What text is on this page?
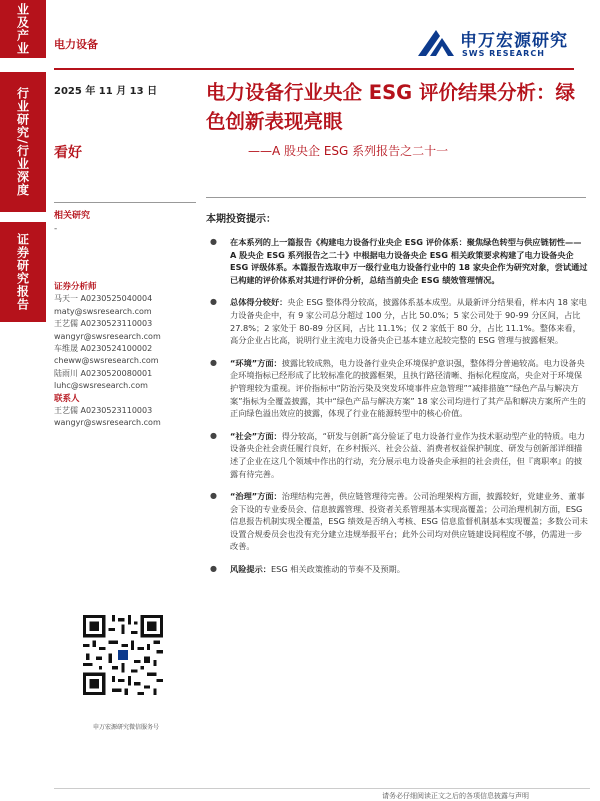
业及产业
行业研究/行业深度
证券研究报告
电力设备	申万宏源研究
SWS RESEARCH
2025 年 11 月 13 日
看好
相关研究
-
证券分析师
马天一 A0230525040004
maty@swsresearch.com
王艺儒 A0230523110003
wangyr@swsresearch.com
车维晟 A0230524100002
cheww@swsresearch.com
陆雨川 A0230520080001
luhc@swsresearch.com
联系人
王艺儒 A0230523110003
wangyr@swsresearch.com
申万宏源研究微信服务号
电力设备行业央企 ESG 评价结果分析：绿色创新表现亮眼
——A 股央企 ESG 系列报告之二十一
本期投资提示：
● 在本系列的上一篇报告《构建电力设备行业央企 ESG 评价体系：聚焦绿色转型与供应链韧性—— A 股央企 ESG 系列报告之二十》中根据电力设备央企 ESG 相关政策要求构建了电力设备央企 ESG 评级体系。本篇报告选取申万一级行业电力设备行业中的 18 家央企作为研究对象，尝试通过已构建的评价体系对其进行评价分析，总结当前央企 ESG 绩效管理情况。
● 总体得分较好：央企 ESG 整体得分较高，披露体系基本成型。从最新评分结果看，样本内 18 家电力设备央企中，有 9 家公司总分超过 100 分，占比 50.0%；5 家公司处于 90-99 分区间，占比 27.8%；2 家处于 80-89 分区间，占比 11.1%；仅 2 家低于 80 分，占比 11.1%。整体来看，高分企业占比高，说明行业主流电力设备央企已基本建立起较完整的 ESG 管理与披露框架。
● “环境”方面：披露比较成熟，电力设备行业央企环境保护意识强，整体得分普遍较高。电力设备央企环境指标已经形成了比较标准化的披露框架，且执行路径清晰、指标化程度高，央企对于环境保护管理较为重视。评价指标中“防治污染及突发环境事件应急管理”“减排措施”“绿色产品与解决方案”指标为全覆盖披露，其中“绿色产品与解决方案” 18 家公司均进行了其产品和解决方案所产生的正向绿色溢出效应的披露，体现了行业在能源转型中的核心价值。
● “社会”方面：得分较高，“研发与创新”高分验证了电力设备行业作为技术驱动型产业的特质。电力设备央企社会责任履行良好，在乡村振兴、社会公益、消费者权益保护制度、研发与创新部详细描述了企业在这几个领域中作出的行动，充分展示电力设备央企承担的社会责任，但『离职率』的披露有待完善。
● “治理”方面：治理结构完善，供应链管理待完善。公司治理架构方面，披露较好，党建业务、董事会下设的专业委员会、信息披露管理、投资者关系管理基本实现高覆盖；公司治理机制方面，ESG 信息报告机制实现全覆盖，ESG 绩效是否纳入考核、ESG 信息监督机制基本实现覆盖；多数公司未设置合规委员会也没有充分建立违规举报平台；此外公司均对供应链建设间程度不够，仍需进一步改善。
● 风险提示：ESG 相关政策推动的节奏不及预期。
请务必仔细阅读正文之后的各项信息披露与声明
